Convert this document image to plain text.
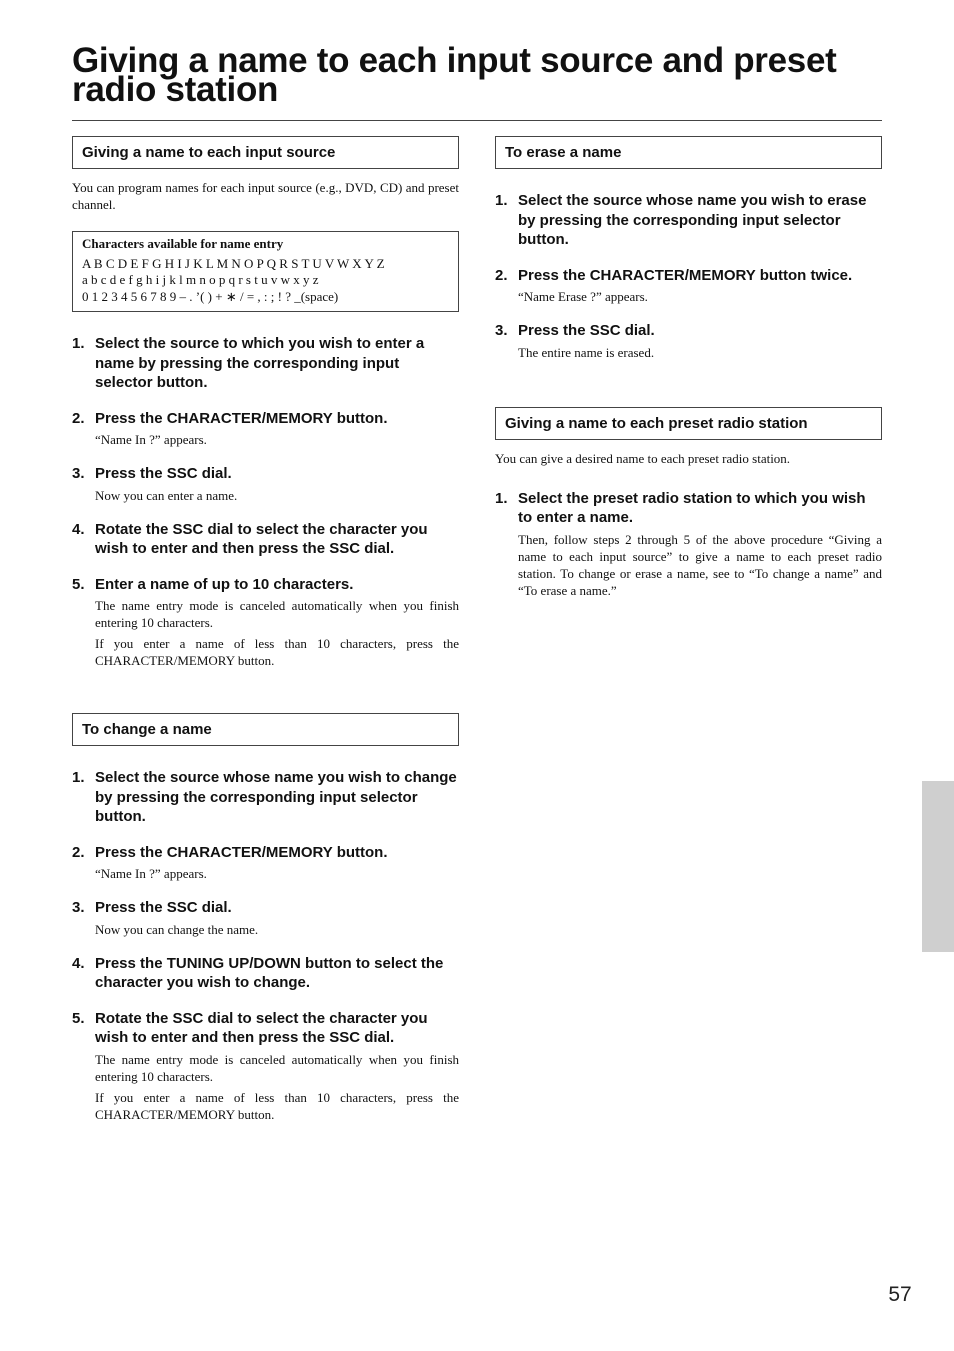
Giving a name to each input source and preset radio station
Giving a name to each input source
You can program names for each input source (e.g., DVD, CD) and preset channel.
Characters available for name entry
A B C D E F G H I J K L M N O P Q R S T U V W X Y Z
a b c d e f g h i j k l m n o p q r s t u v w x y z
0 1 2 3 4 5 6 7 8 9 – . ’( ) + ∗ / = , : ; ! ? _(space)
1. Select the source to which you wish to enter a name by pressing the corresponding input selector button.
2. Press the CHARACTER/MEMORY button.

“Name In ?” appears.

3. Press the SSC dial.

Now you can enter a name.

4. Rotate the SSC dial to select the character you wish to enter and then press the SSC dial.
5. Enter a name of up to 10 characters.

The name entry mode is canceled automatically when you finish entering 10 characters.

If you enter a name of less than 10 characters, press the CHARACTER/MEMORY button.

To change a name
1. Select the source whose name you wish to change by pressing the corresponding input selector button.
2. Press the CHARACTER/MEMORY button.

“Name In ?” appears.

3. Press the SSC dial.

Now you can change the name.

4. Press the TUNING UP/DOWN button to select the character you wish to change.
5. Rotate the SSC dial to select the character you wish to enter and then press the SSC dial.

The name entry mode is canceled automatically when you finish entering 10 characters.

If you enter a name of less than 10 characters, press the CHARACTER/MEMORY button.

To erase a name
1. Select the source whose name you wish to erase by pressing the corresponding input selector button.
2. Press the CHARACTER/MEMORY button twice.

“Name Erase ?” appears.

3. Press the SSC dial.

The entire name is erased.

Giving a name to each preset radio station
You can give a desired name to each preset radio station.
1. Select the preset radio station to which you wish to enter a name.

Then, follow steps 2 through 5 of the above procedure “Giving a name to each input source” to give a name to each preset radio station. To change or erase a name, see to “To change a name” and “To erase a name.”

57
